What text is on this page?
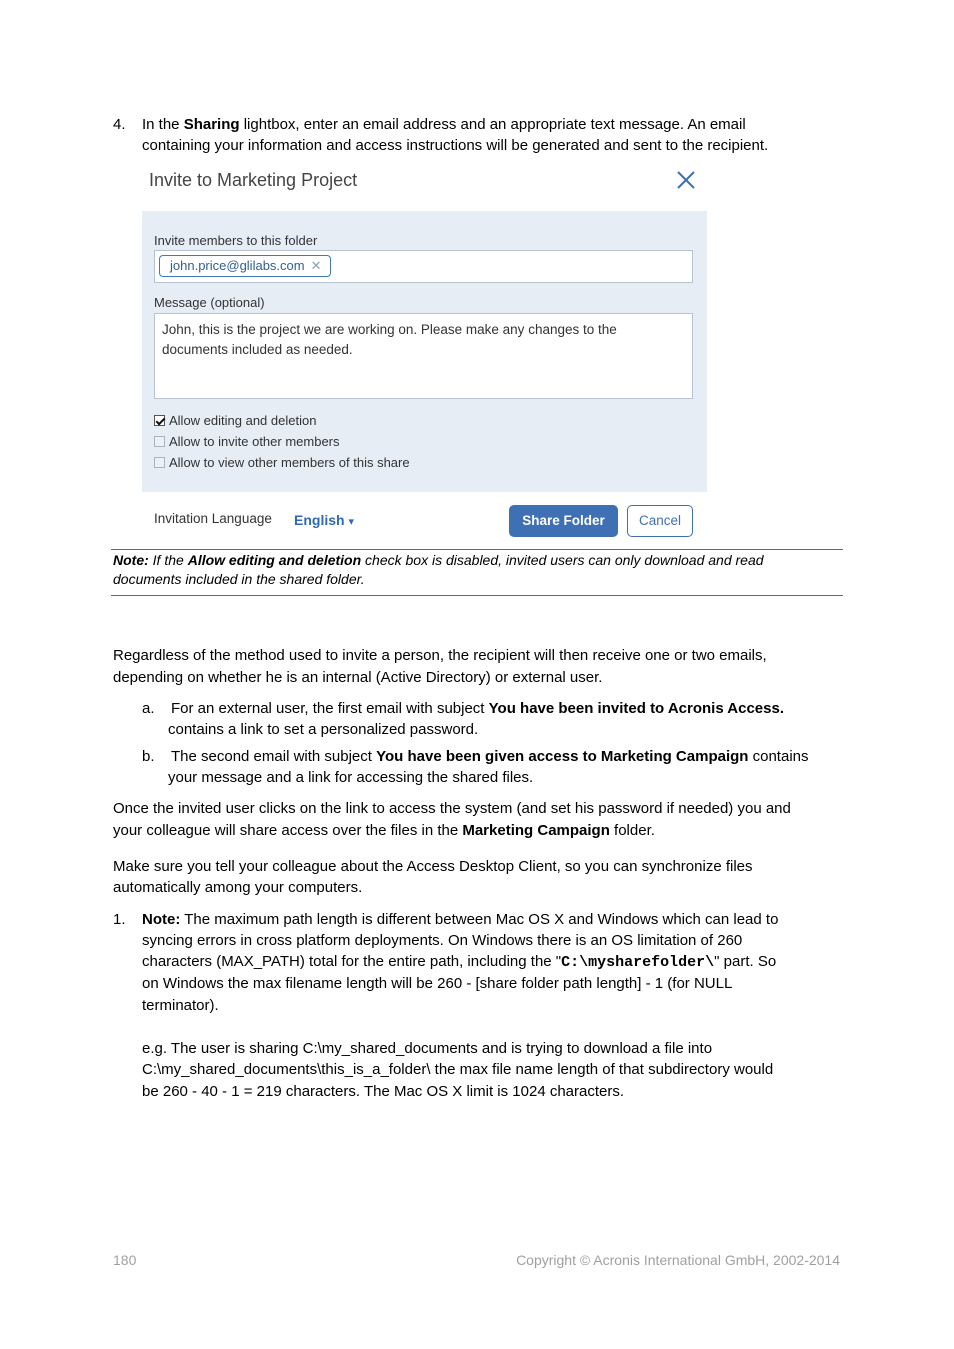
4. In the Sharing lightbox, enter an email address and an appropriate text message. An email
containing your information and access instructions will be generated and sent to the recipient.
Invite to Marketing Project
Invite members to this folder
john.price@glilabs.com ✕
Message (optional)
John, this is the project we are working on. Please make any changes to the
documents included as needed.
Allow editing and deletion
Allow to invite other members
Allow to view other members of this share
Invitation Language English ▾	Share Folder	Cancel
Note: If the Allow editing and deletion check box is disabled, invited users can only download and read
documents included in the shared folder.
Regardless of the method used to invite a person, the recipient will then receive one or two emails,
depending on whether he is an internal (Active Directory) or external user.
a. For an external user, the first email with subject You have been invited to Acronis Access.
contains a link to set a personalized password.
b. The second email with subject You have been given access to Marketing Campaign contains
your message and a link for accessing the shared files.
Once the invited user clicks on the link to access the system (and set his password if needed) you and
your colleague will share access over the files in the Marketing Campaign folder.
Make sure you tell your colleague about the Access Desktop Client, so you can synchronize files
automatically among your computers.
1. Note: The maximum path length is different between Mac OS X and Windows which can lead to
syncing errors in cross platform deployments. On Windows there is an OS limitation of 260
characters (MAX_PATH) total for the entire path, including the "C:\mysharefolder\" part. So
on Windows the max filename length will be 260 - [share folder path length] - 1 (for NULL
terminator).
e.g. The user is sharing C:\my_shared_documents and is trying to download a file into
C:\my_shared_documents\this_is_a_folder\ the max file name length of that subdirectory would
be 260 - 40 - 1 = 219 characters. The Mac OS X limit is 1024 characters.
180	Copyright © Acronis International GmbH, 2002-2014
